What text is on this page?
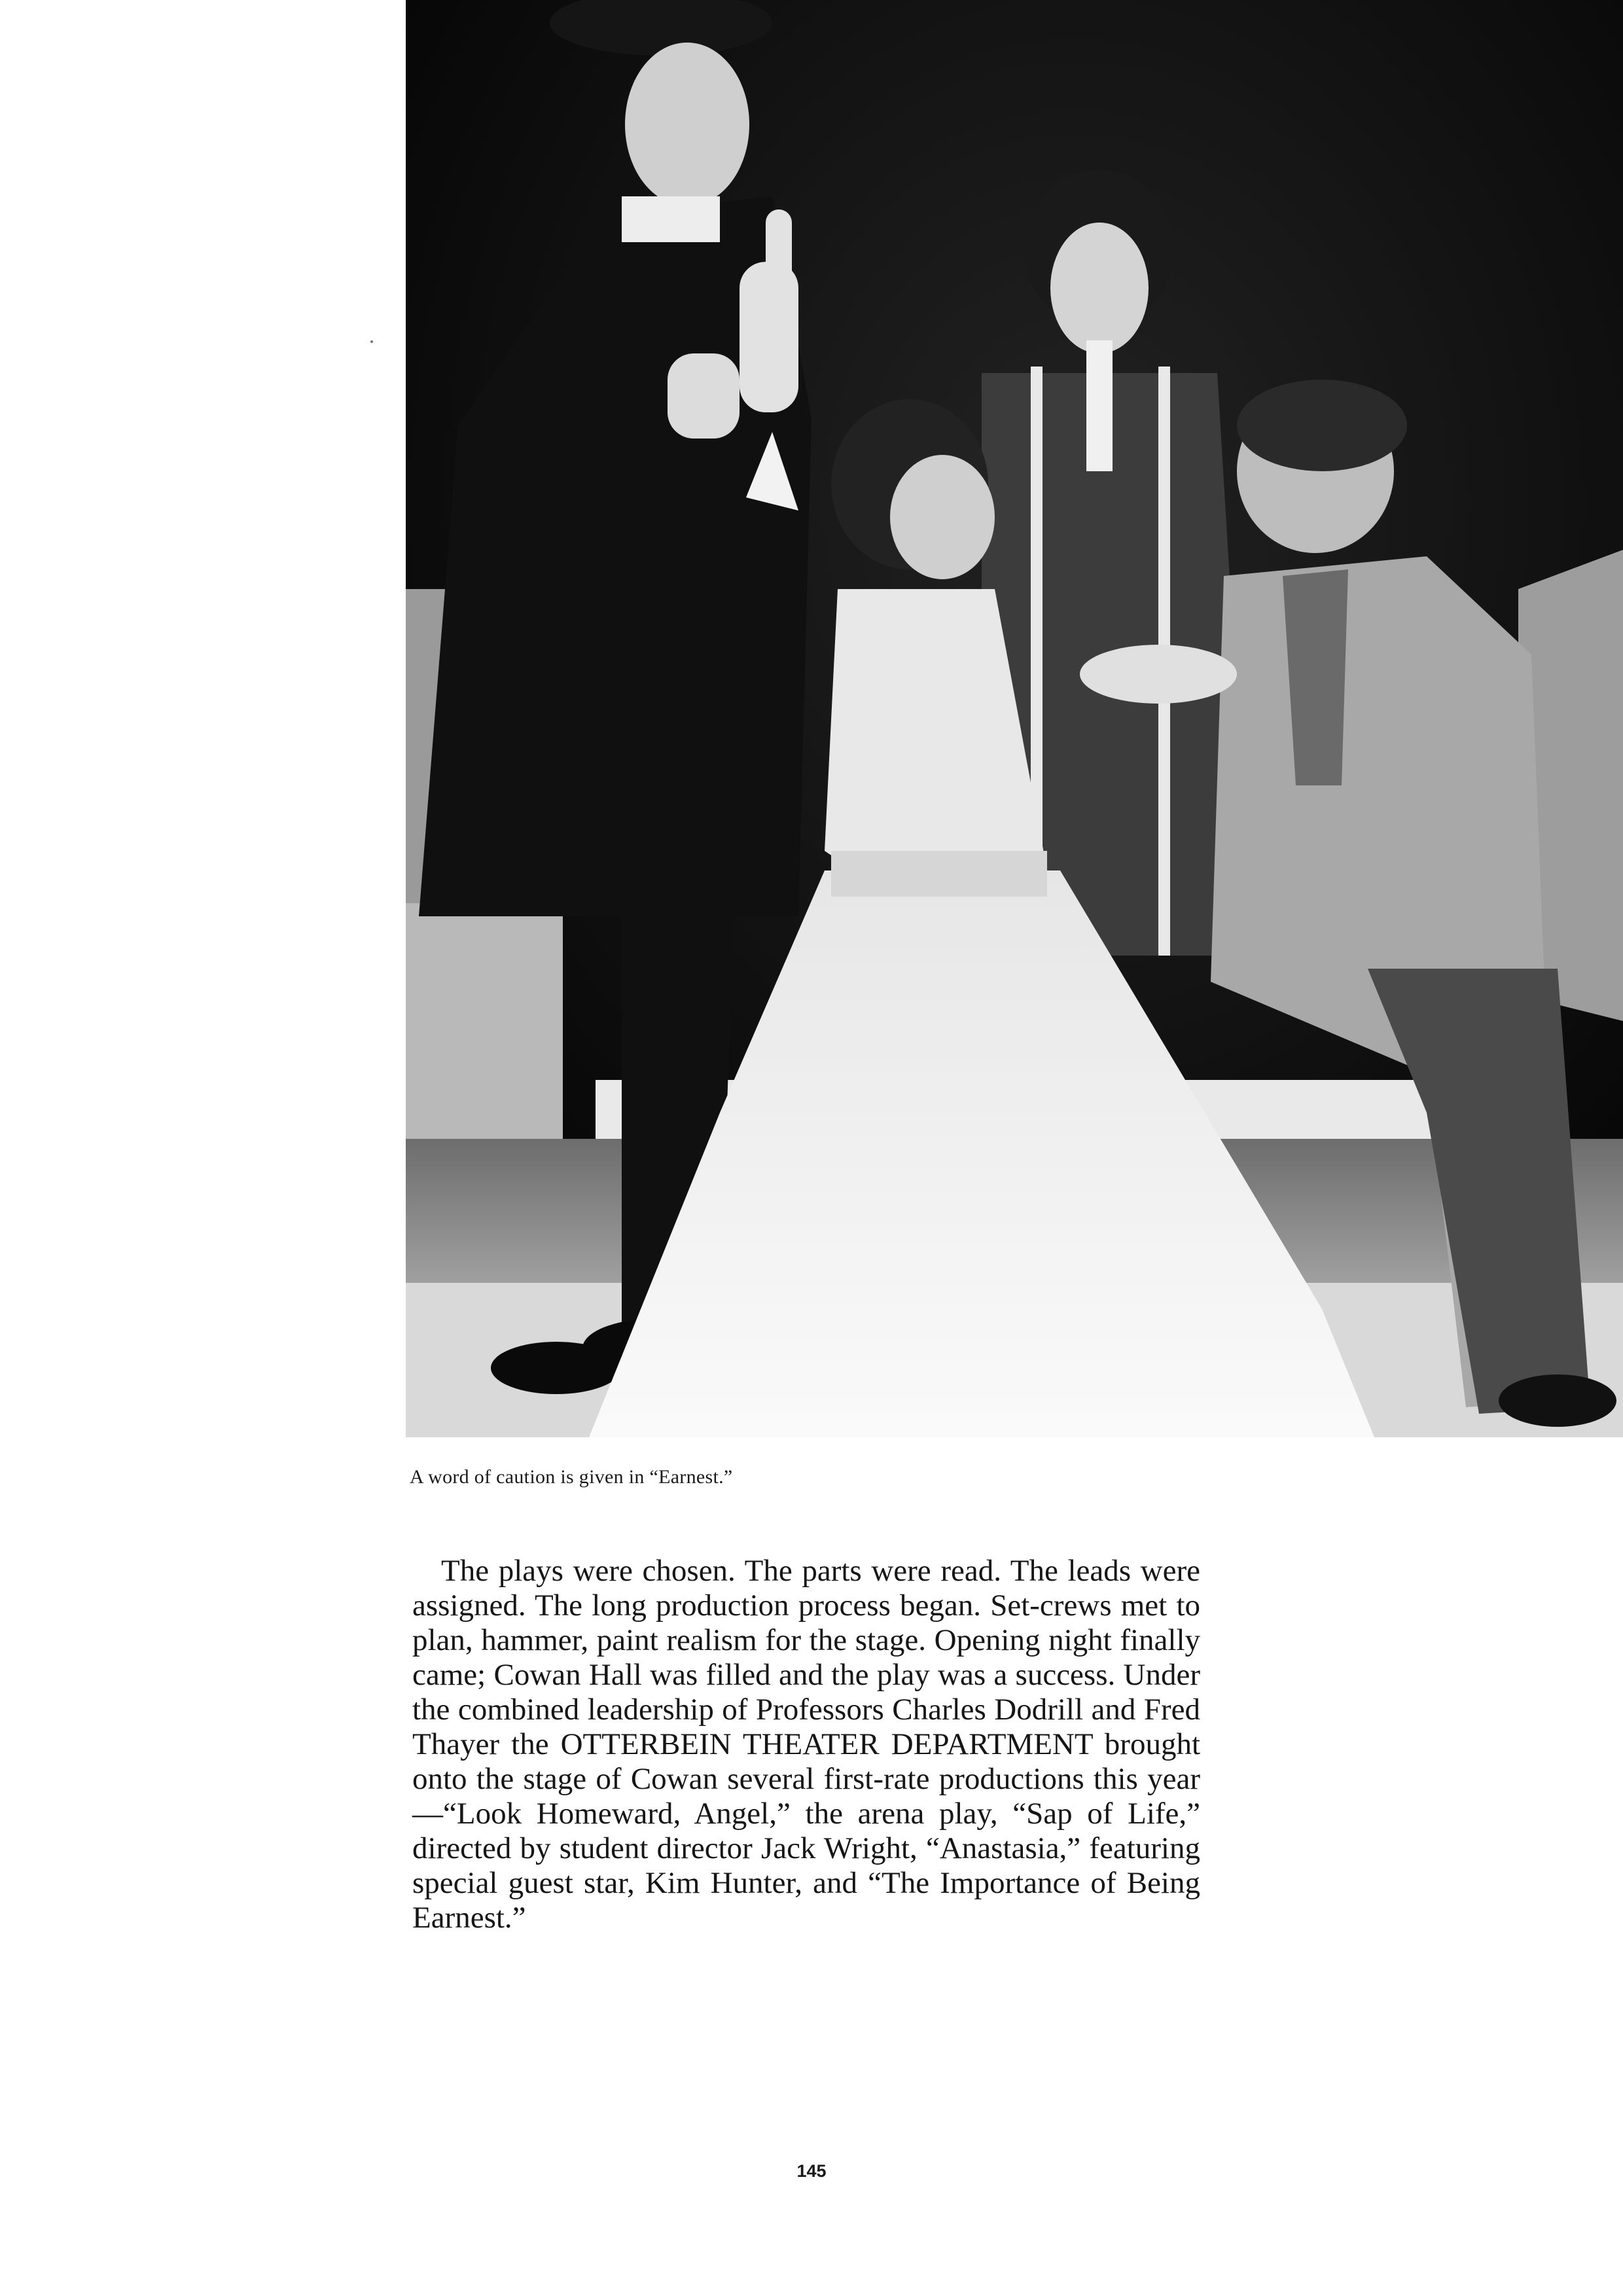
A word of caution is given in “Earnest.”
The plays were chosen. The parts were read. The leads were assigned. The long production process began. Set-crews met to plan, hammer, paint realism for the stage. Opening night finally came; Cowan Hall was filled and the play was a success. Under the combined leadership of Professors Charles Dodrill and Fred Thayer the OTTERBEIN THEATER DEPARTMENT brought onto the stage of Cowan several first-rate productions this year—“Look Homeward, Angel,” the arena play, “Sap of Life,” directed by student director Jack Wright, “Anastasia,” featuring special guest star, Kim Hunter, and “The Importance of Being Earnest.”
145
